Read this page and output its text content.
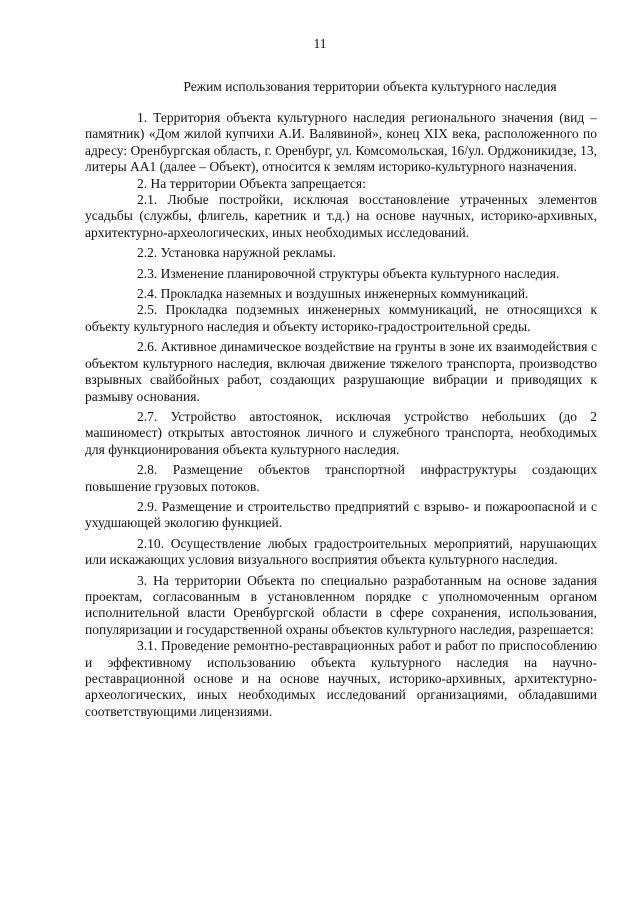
11
Режим использования территории объекта культурного наследия

1. Территория объекта культурного наследия регионального значения (вид – памятник) «Дом жилой купчихи А.И. Валявиной», конец XIX века, расположенного по адресу: Оренбургская область, г. Оренбург, ул. Комсомольская, 16/ул. Орджоникидзе, 13, литеры АА1 (далее – Объект), относится к землям историко-культурного назначения.

2. На территории Объекта запрещается:

2.1. Любые постройки, исключая восстановление утраченных элементов усадьбы (службы, флигель, каретник и т.д.) на основе научных, историко-архивных, архитектурно-археологических, иных необходимых исследований.

2.2. Установка наружной рекламы.

2.3. Изменение планировочной структуры объекта культурного наследия.

2.4. Прокладка наземных и воздушных инженерных коммуникаций.

2.5. Прокладка подземных инженерных коммуникаций, не относящихся к объекту культурного наследия и объекту историко-градостроительной среды.

2.6. Активное динамическое воздействие на грунты в зоне их взаимодействия с объектом культурного наследия, включая движение тяжелого транспорта, производство взрывных свайбойных работ, создающих разрушающие вибрации и приводящих к размыву основания.

2.7. Устройство автостоянок, исключая устройство небольших (до 2 машиномест) открытых автостоянок личного и служебного транспорта, необходимых для функционирования объекта культурного наследия.

2.8. Размещение объектов транспортной инфраструктуры создающих повышение грузовых потоков.

2.9. Размещение и строительство предприятий с взрыво- и пожароопасной и с ухудшающей экологию функцией.

2.10. Осуществление любых градостроительных мероприятий, нарушающих или искажающих условия визуального восприятия объекта культурного наследия.

3. На территории Объекта по специально разработанным на основе задания проектам, согласованным в установленном порядке с уполномоченным органом исполнительной власти Оренбургской области в сфере сохранения, использования, популяризации и государственной охраны объектов культурного наследия, разрешается:

3.1. Проведение ремонтно-реставрационных работ и работ по приспособлению и эффективному использованию объекта культурного наследия на научно-реставрационной основе и на основе научных, историко-архивных, архитектурно-археологических, иных необходимых исследований организациями, обладавшими соответствующими лицензиями.
